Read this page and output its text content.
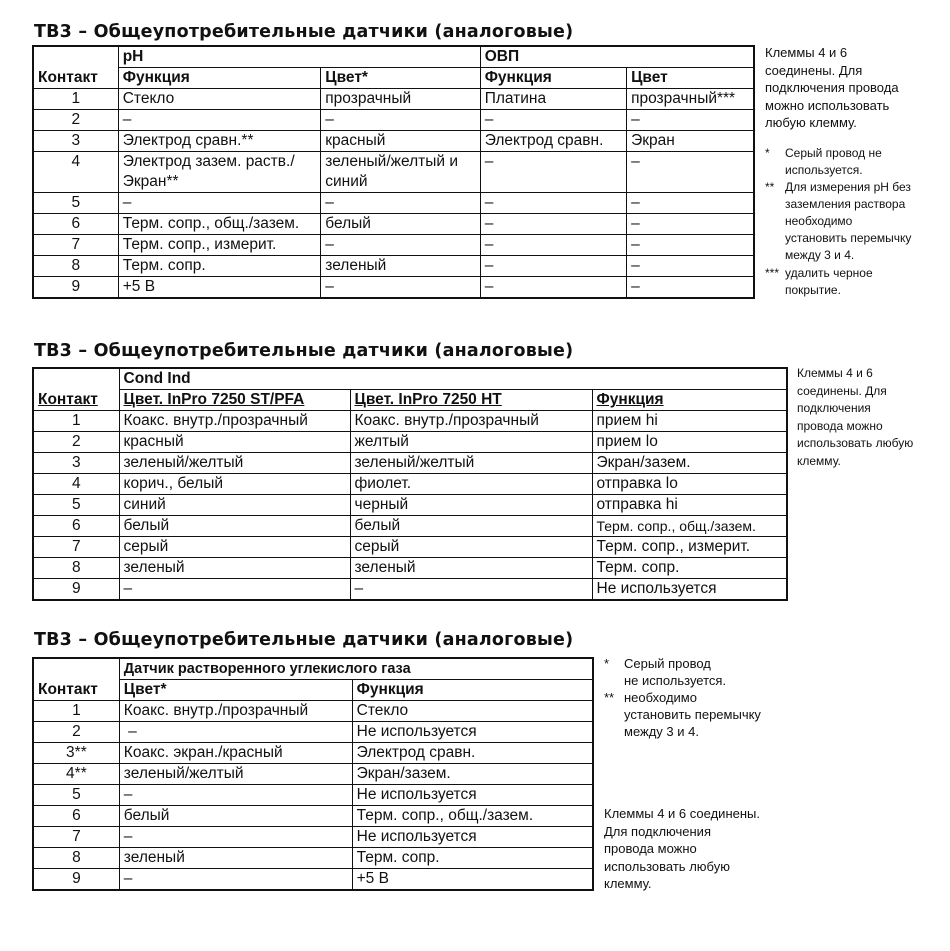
ТВ3 – Общеупотребительные датчики (аналоговые)
	pH		ОВП	
Контакт	Функция	Цвет*	Функция	Цвет
1	Стекло	прозрачный	Платина	прозрачный***
2	–	–	–	–
3	Электрод сравн.**	красный	Электрод сравн.	Экран
4	Электрод зазем. раств./Экран**	зеленый/желтый и синий	–	–
5	–	–	–	–
6	Терм. сопр., общ./зазем.	белый	–	–
7	Терм. сопр., измерит.	–	–	–
8	Терм. сопр.	зеленый	–	–
9	+5 В	–	–	–
Клеммы 4 и 6 соединены. Для подключения провода можно использовать любую клемму.
* Серый провод не
используется.
** Для измерения pH без
заземления раствора
необходимо
установить перемычку
между 3 и 4.
*** удалить черное
покрытие.
ТВ3 – Общеупотребительные датчики (аналоговые)
	Cond Ind		
Контакт	Цвет. InPro 7250 ST/PFA	Цвет. InPro 7250 HT	Функция
1	Коакс. внутр./прозрачный	Коакс. внутр./прозрачный	прием hi
2	красный	желтый	прием lo
3	зеленый/желтый	зеленый/желтый	Экран/зазем.
4	корич., белый	фиолет.	отправка lo
5	синий	черный	отправка hi
6	белый	белый	Терм. сопр., общ./зазем.
7	серый	серый	Терм. сопр., измерит.
8	зеленый	зеленый	Терм. сопр.
9	–	–	Не используется
Клеммы 4 и 6 соединены. Для подключения провода можно использовать любую клемму.
ТВ3 – Общеупотребительные датчики (аналоговые)
	Датчик растворенного углекислого газа	
Контакт	Цвет*	Функция
1	Коакс. внутр./прозрачный	Стекло
2	–	Не используется
3**	Коакс. экран./красный	Электрод сравн.
4**	зеленый/желтый	Экран/зазем.
5	–	Не используется
6	белый	Терм. сопр., общ./зазем.
7	–	Не используется
8	зеленый	Терм. сопр.
9	–	+5 В
* Серый провод
не используется.
** необходимо
установить перемычку
между 3 и 4.
Клеммы 4 и 6 соединены. Для подключения провода можно использовать любую клемму.
